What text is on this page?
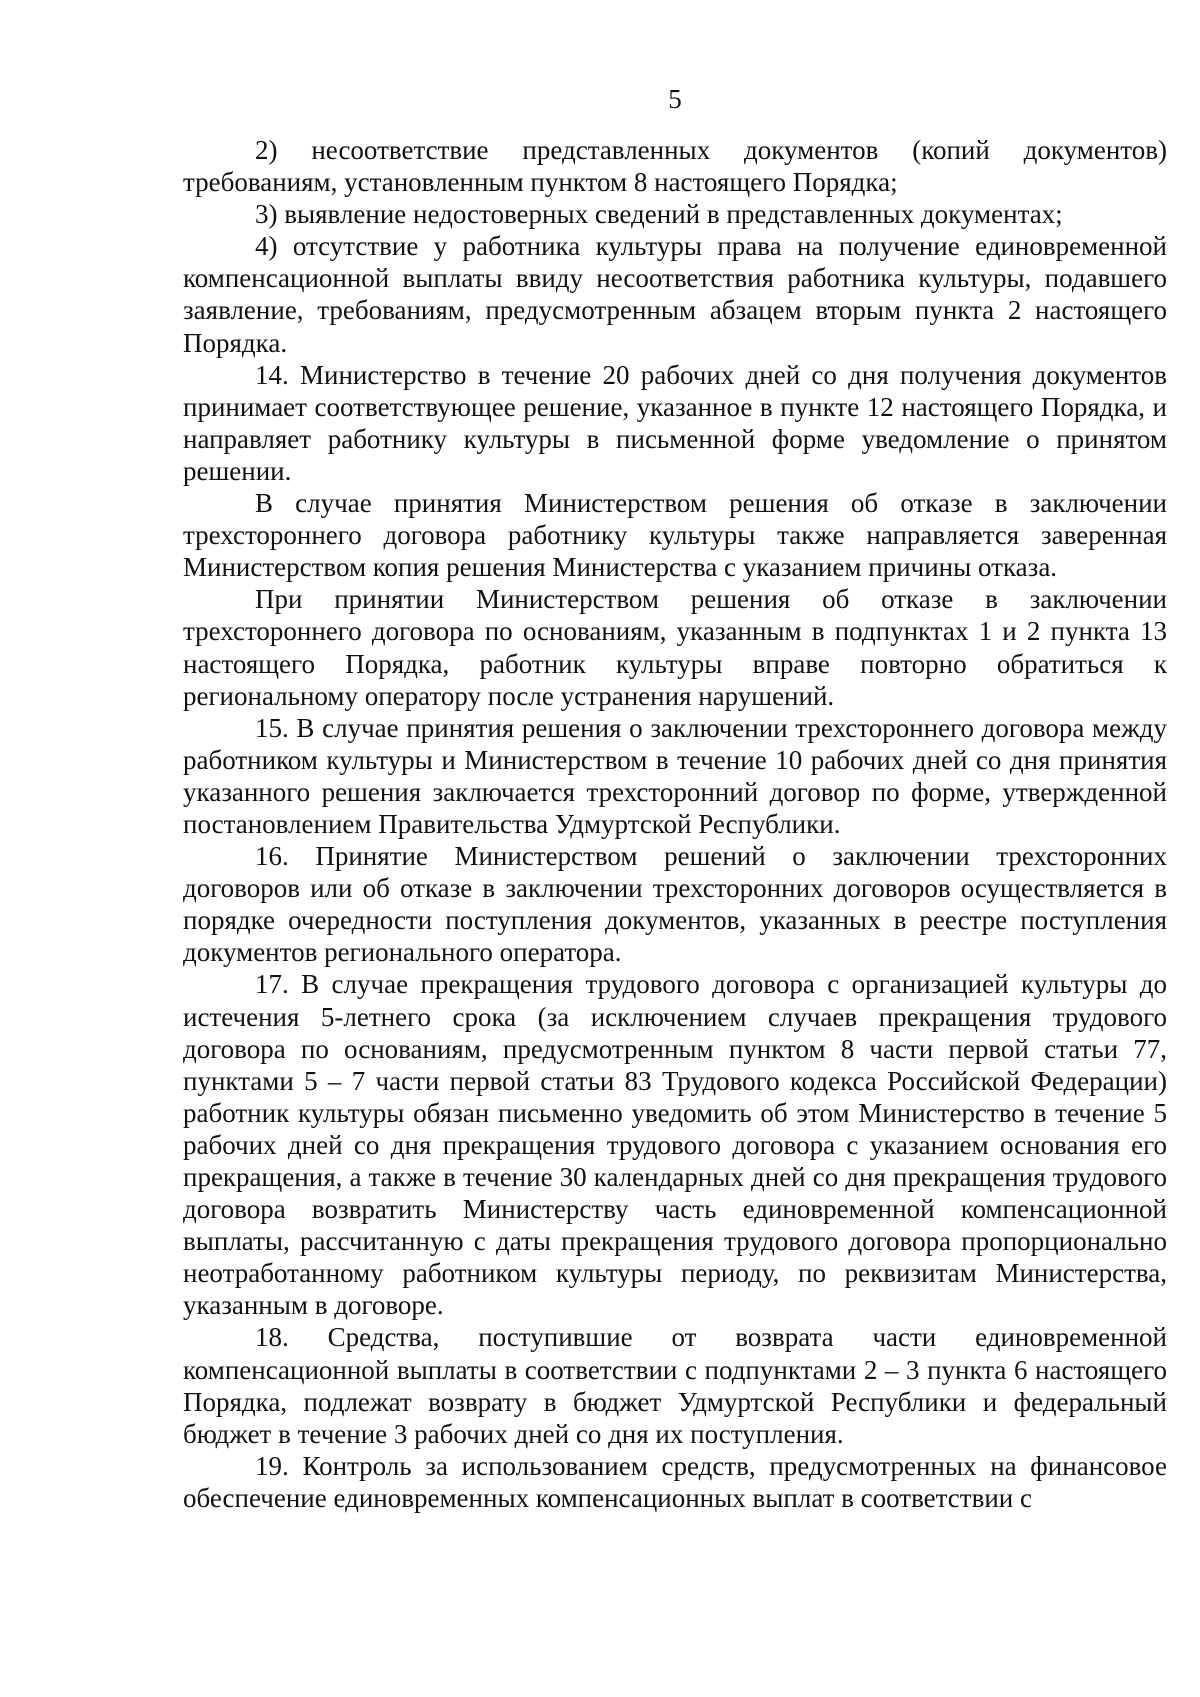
5

2) несоответствие представленных документов (копий документов) требованиям, установленным пунктом 8 настоящего Порядка;

3) выявление недостоверных сведений в представленных документах;

4) отсутствие у работника культуры права на получение единовременной компенсационной выплаты ввиду несоответствия работника культуры, подавшего заявление, требованиям, предусмотренным абзацем вторым пункта 2 настоящего Порядка.

14. Министерство в течение 20 рабочих дней со дня получения документов принимает соответствующее решение, указанное в пункте 12 настоящего Порядка, и направляет работнику культуры в письменной форме уведомление о принятом решении.

В случае принятия Министерством решения об отказе в заключении трехстороннего договора работнику культуры также направляется заверенная Министерством копия решения Министерства с указанием причины отказа.

При принятии Министерством решения об отказе в заключении трехстороннего договора по основаниям, указанным в подпунктах 1 и 2 пункта 13 настоящего Порядка, работник культуры вправе повторно обратиться к региональному оператору после устранения нарушений.

15. В случае принятия решения о заключении трехстороннего договора между работником культуры и Министерством в течение 10 рабочих дней со дня принятия указанного решения заключается трехсторонний договор по форме, утвержденной постановлением Правительства Удмуртской Республики.

16. Принятие Министерством решений о заключении трехсторонних договоров или об отказе в заключении трехсторонних договоров осуществляется в порядке очередности поступления документов, указанных в реестре поступления документов регионального оператора.

17. В случае прекращения трудового договора с организацией культуры до истечения 5-летнего срока (за исключением случаев прекращения трудового договора по основаниям, предусмотренным пунктом 8 части первой статьи 77, пунктами 5 – 7 части первой статьи 83 Трудового кодекса Российской Федерации) работник культуры обязан письменно уведомить об этом Министерство в течение 5 рабочих дней со дня прекращения трудового договора с указанием основания его прекращения, а также в течение 30 календарных дней со дня прекращения трудового договора возвратить Министерству часть единовременной компенсационной выплаты, рассчитанную с даты прекращения трудового договора пропорционально неотработанному работником культуры периоду, по реквизитам Министерства, указанным в договоре.

18. Средства, поступившие от возврата части единовременной компенсационной выплаты в соответствии с подпунктами 2 – 3 пункта 6 настоящего Порядка, подлежат возврату в бюджет Удмуртской Республики и федеральный бюджет в течение 3 рабочих дней со дня их поступления.

19. Контроль за использованием средств, предусмотренных на финансовое обеспечение единовременных компенсационных выплат в соответствии с
